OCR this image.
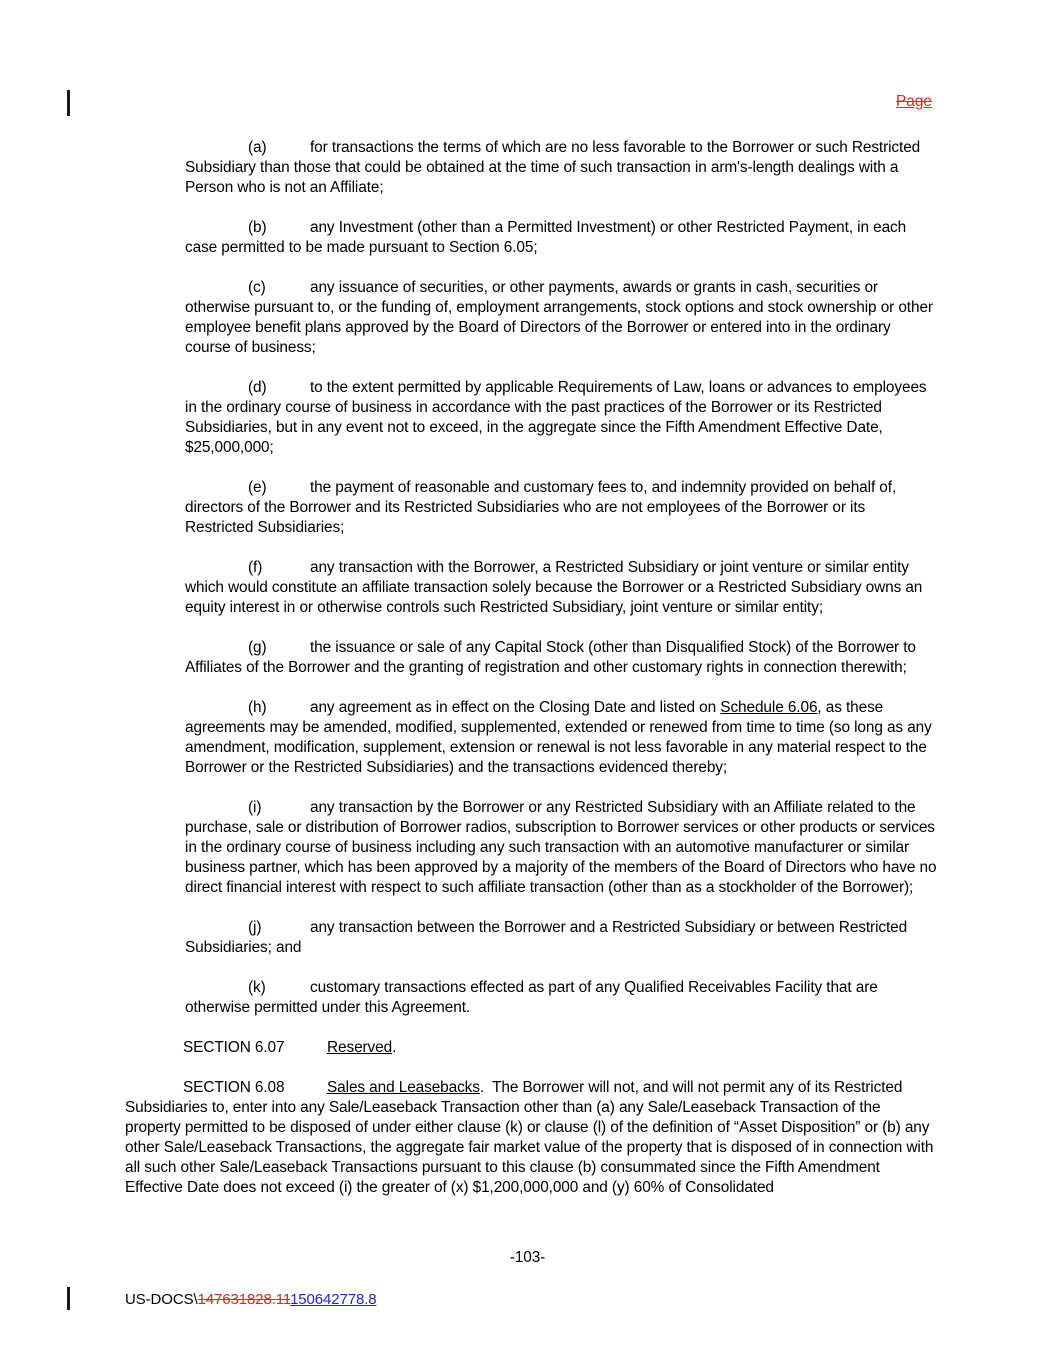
Page

(a)	for transactions the terms of which are no less favorable to the Borrower or such Restricted Subsidiary than those that could be obtained at the time of such transaction in arm's-length dealings with a Person who is not an Affiliate;

(b)	any Investment (other than a Permitted Investment) or other Restricted Payment, in each case permitted to be made pursuant to Section 6.05;

(c)	any issuance of securities, or other payments, awards or grants in cash, securities or otherwise pursuant to, or the funding of, employment arrangements, stock options and stock ownership or other employee benefit plans approved by the Board of Directors of the Borrower or entered into in the ordinary course of business;

(d)	to the extent permitted by applicable Requirements of Law, loans or advances to employees in the ordinary course of business in accordance with the past practices of the Borrower or its Restricted Subsidiaries, but in any event not to exceed, in the aggregate since the Fifth Amendment Effective Date, $25,000,000;

(e)	the payment of reasonable and customary fees to, and indemnity provided on behalf of, directors of the Borrower and its Restricted Subsidiaries who are not employees of the Borrower or its Restricted Subsidiaries;

(f)	any transaction with the Borrower, a Restricted Subsidiary or joint venture or similar entity which would constitute an affiliate transaction solely because the Borrower or a Restricted Subsidiary owns an equity interest in or otherwise controls such Restricted Subsidiary, joint venture or similar entity;

(g)	the issuance or sale of any Capital Stock (other than Disqualified Stock) of the Borrower to Affiliates of the Borrower and the granting of registration and other customary rights in connection therewith;

(h)	any agreement as in effect on the Closing Date and listed on Schedule 6.06, as these agreements may be amended, modified, supplemented, extended or renewed from time to time (so long as any amendment, modification, supplement, extension or renewal is not less favorable in any material respect to the Borrower or the Restricted Subsidiaries) and the transactions evidenced thereby;

(i)	any transaction by the Borrower or any Restricted Subsidiary with an Affiliate related to the purchase, sale or distribution of Borrower radios, subscription to Borrower services or other products or services in the ordinary course of business including any such transaction with an automotive manufacturer or similar business partner, which has been approved by a majority of the members of the Board of Directors who have no direct financial interest with respect to such affiliate transaction (other than as a stockholder of the Borrower);

(j)	any transaction between the Borrower and a Restricted Subsidiary or between Restricted Subsidiaries; and

(k)	customary transactions effected as part of any Qualified Receivables Facility that are otherwise permitted under this Agreement.

SECTION 6.07	Reserved.

SECTION 6.08	Sales and Leasebacks.  The Borrower will not, and will not permit any of its Restricted Subsidiaries to, enter into any Sale/Leaseback Transaction other than (a) any Sale/Leaseback Transaction of the property permitted to be disposed of under either clause (k) or clause (l) of the definition of “Asset Disposition” or (b) any other Sale/Leaseback Transactions, the aggregate fair market value of the property that is disposed of in connection with all such other Sale/Leaseback Transactions pursuant to this clause (b) consummated since the Fifth Amendment Effective Date does not exceed (i) the greater of (x) $1,200,000,000 and (y) 60% of Consolidated

-103-
US-DOCS\147631828.11150642778.8
